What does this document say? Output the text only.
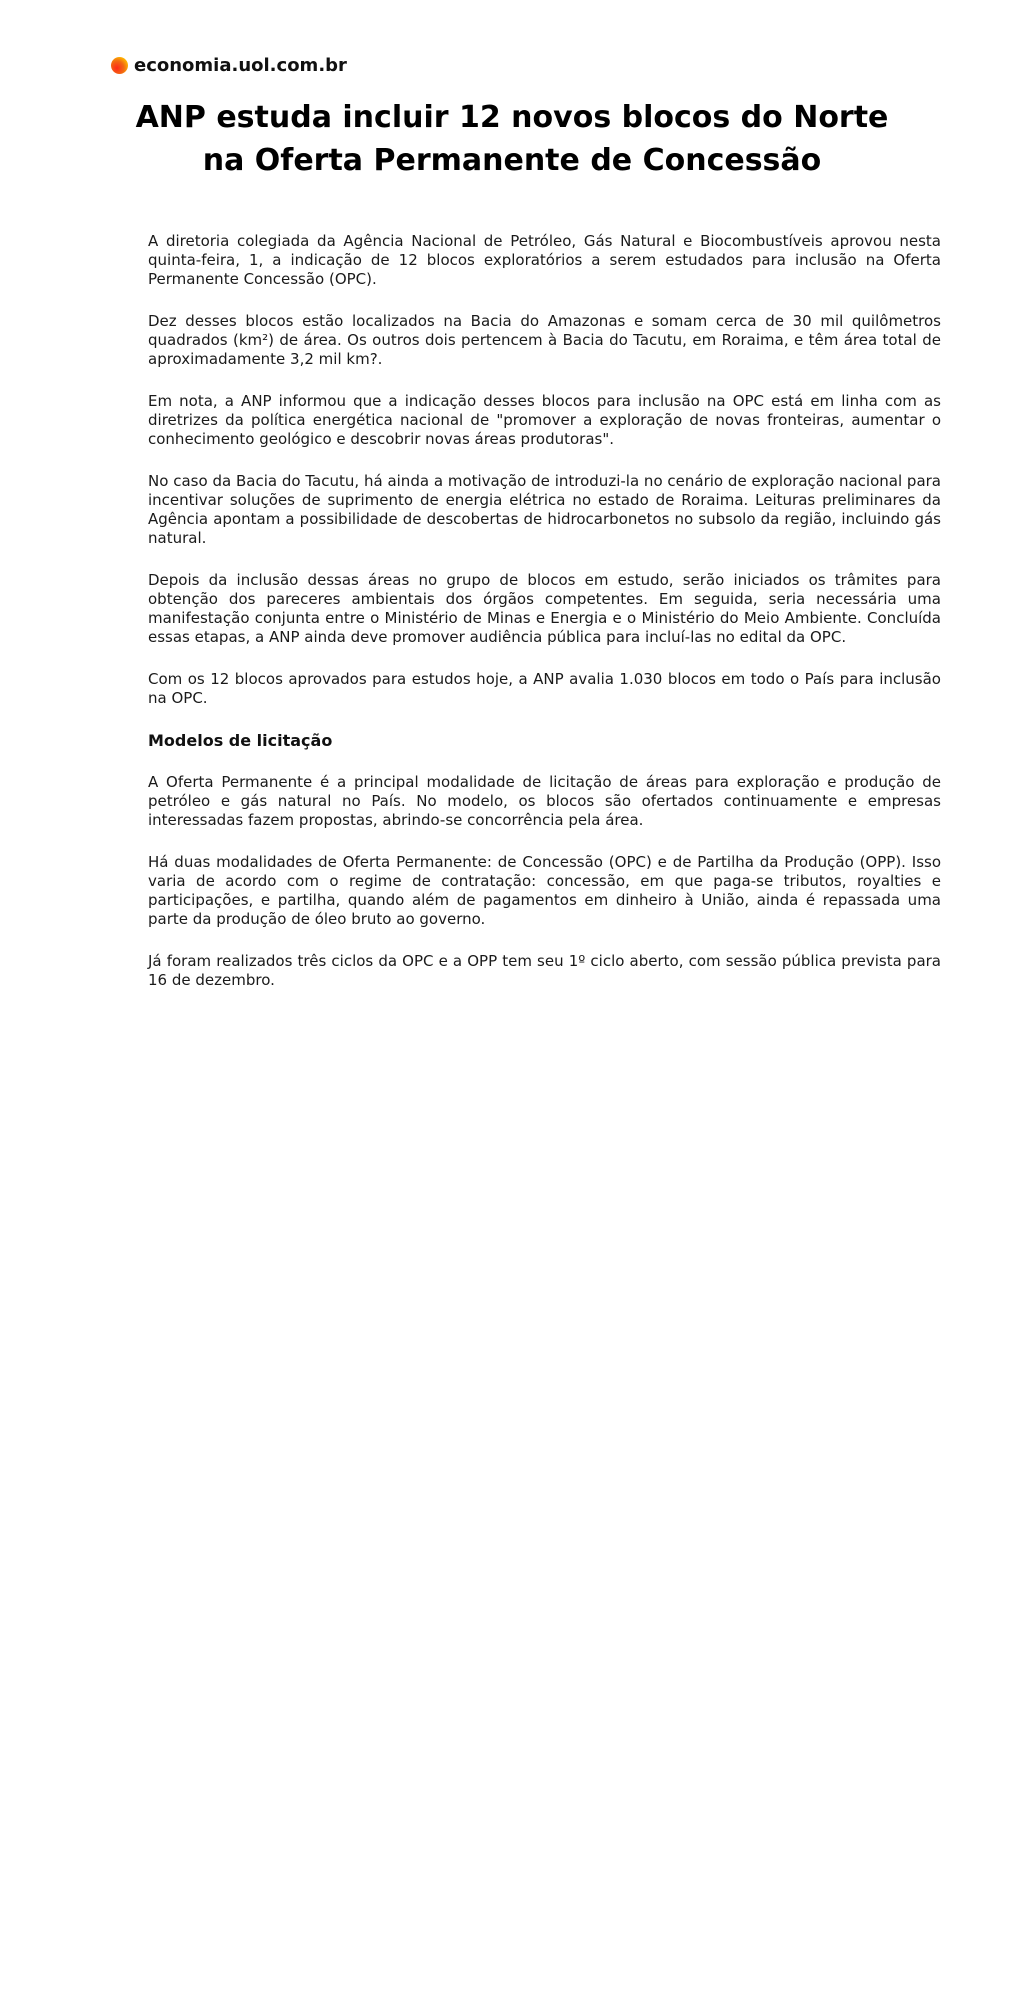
economia.uol.com.br
ANP estuda incluir 12 novos blocos do Norte na Oferta Permanente de Concessão

A diretoria colegiada da Agência Nacional de Petróleo, Gás Natural e Biocombustíveis aprovou nesta quinta-feira, 1, a indicação de 12 blocos exploratórios a serem estudados para inclusão na Oferta Permanente Concessão (OPC).

Dez desses blocos estão localizados na Bacia do Amazonas e somam cerca de 30 mil quilômetros quadrados (km²) de área. Os outros dois pertencem à Bacia do Tacutu, em Roraima, e têm área total de aproximadamente 3,2 mil km?.

Em nota, a ANP informou que a indicação desses blocos para inclusão na OPC está em linha com as diretrizes da política energética nacional de "promover a exploração de novas fronteiras, aumentar o conhecimento geológico e descobrir novas áreas produtoras".

No caso da Bacia do Tacutu, há ainda a motivação de introduzi-la no cenário de exploração nacional para incentivar soluções de suprimento de energia elétrica no estado de Roraima. Leituras preliminares da Agência apontam a possibilidade de descobertas de hidrocarbonetos no subsolo da região, incluindo gás natural.

Depois da inclusão dessas áreas no grupo de blocos em estudo, serão iniciados os trâmites para obtenção dos pareceres ambientais dos órgãos competentes. Em seguida, seria necessária uma manifestação conjunta entre o Ministério de Minas e Energia e o Ministério do Meio Ambiente. Concluída essas etapas, a ANP ainda deve promover audiência pública para incluí-las no edital da OPC.

Com os 12 blocos aprovados para estudos hoje, a ANP avalia 1.030 blocos em todo o País para inclusão na OPC.

Modelos de licitação

A Oferta Permanente é a principal modalidade de licitação de áreas para exploração e produção de petróleo e gás natural no País. No modelo, os blocos são ofertados continuamente e empresas interessadas fazem propostas, abrindo-se concorrência pela área.

Há duas modalidades de Oferta Permanente: de Concessão (OPC) e de Partilha da Produção (OPP). Isso varia de acordo com o regime de contratação: concessão, em que paga-se tributos, royalties e participações, e partilha, quando além de pagamentos em dinheiro à União, ainda é repassada uma parte da produção de óleo bruto ao governo.

Já foram realizados três ciclos da OPC e a OPP tem seu 1º ciclo aberto, com sessão pública prevista para 16 de dezembro.
